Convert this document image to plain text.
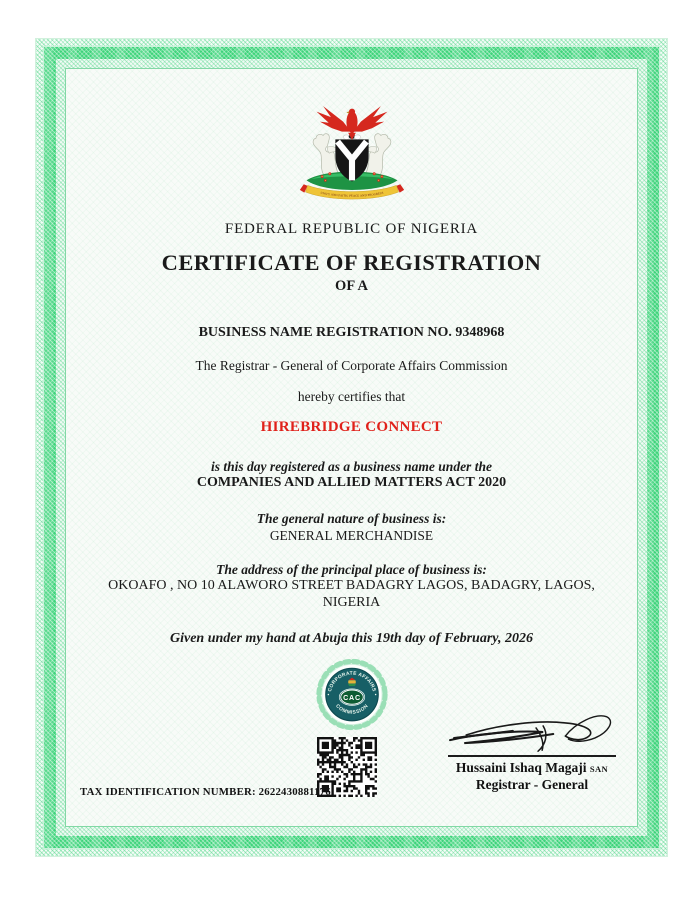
UNITY AND FAITH, PEACE AND PROGRESS
FEDERAL REPUBLIC OF NIGERIA
CERTIFICATE OF REGISTRATION
OF A
BUSINESS NAME REGISTRATION NO. 9348968
The Registrar - General of Corporate Affairs Commission
hereby certifies that
HIREBRIDGE CONNECT
is this day registered as a business name under the
COMPANIES AND ALLIED MATTERS ACT 2020
The general nature of business is:
GENERAL MERCHANDISE
The address of the principal place of business is:
OKOAFO , NO 10 ALAWORO STREET BADAGRY LAGOS, BADAGRY, LAGOS, NIGERIA
Given under my hand at Abuja this 19th day of February, 2026
CORPORATE AFFAIRS
COMMISSION
CAC
TAX IDENTIFICATION NUMBER: 2622430881176
Hussaini Ishaq Magaji SAN
Registrar - General
